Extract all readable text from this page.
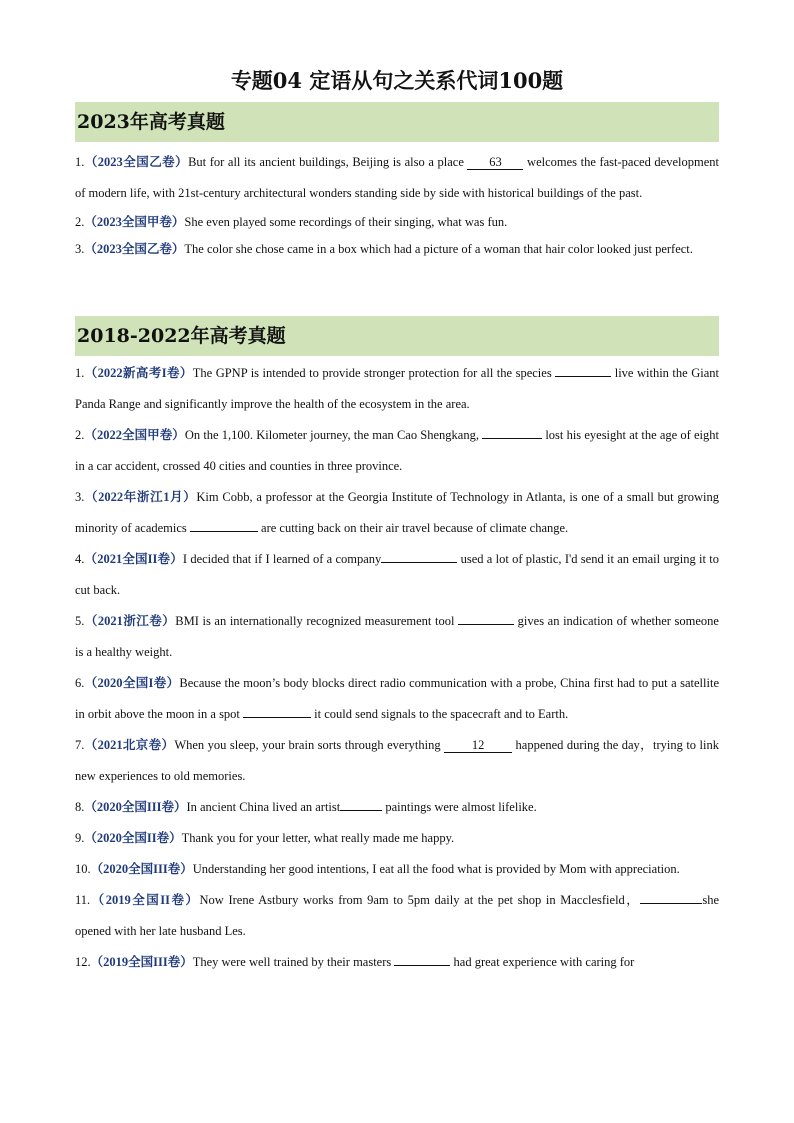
专题04 定语从句之关系代词100题
2023年高考真题

1.（2023全国乙卷）But for all its ancient buildings, Beijing is also a place 63 welcomes the fast-paced development of modern life, with 21st-century architectural wonders standing side by side with historical buildings of the past.

2.（2023全国甲卷）She even played some recordings of their singing, what was fun.

3.（2023全国乙卷）The color she chose came in a box which had a picture of a woman that hair color looked just perfect.

2018-2022年高考真题

1.（2022新高考I卷）The GPNP is intended to provide stronger protection for all the species	live within the Giant Panda Range and significantly improve the health of the ecosystem in the area.

2.（2022全国甲卷）On the 1,100. Kilometer journey, the man Cao Shengkang,	lost his eyesight at the age of eight in a car accident, crossed 40 cities and counties in three province.

3.（2022年浙江1月）Kim Cobb, a professor at the Georgia Institute of Technology in Atlanta, is one of a small but growing minority of academics	are cutting back on their air travel because of climate change.

4.（2021全国II卷）I decided that if I learned of a company	used a lot of plastic, I'd send it an email urging it to cut back.

5.（2021浙江卷）BMI is an internationally recognized measurement tool	gives an indication of whether someone is a healthy weight.

6.（2020全国I卷）Because the moon’s body blocks direct radio communication with a probe, China first had to put a satellite in orbit above the moon in a spot	it could send signals to the spacecraft and to Earth.

7.（2021北京卷）When you sleep, your brain sorts through everything 12 happened during the day，trying to link new experiences to old memories.

8.（2020全国III卷）In ancient China lived an artist	paintings were almost lifelike.

9.（2020全国II卷）Thank you for your letter, what really made me happy.

10.（2020全国III卷）Understanding her good intentions, I eat all the food what is provided by Mom with appreciation.

11.（2019全国II卷）Now Irene Astbury works from 9am to 5pm daily at the pet shop in Macclesfield，	she opened with her late husband Les.

12.（2019全国III卷）They were well trained by their masters	had great experience with caring for
